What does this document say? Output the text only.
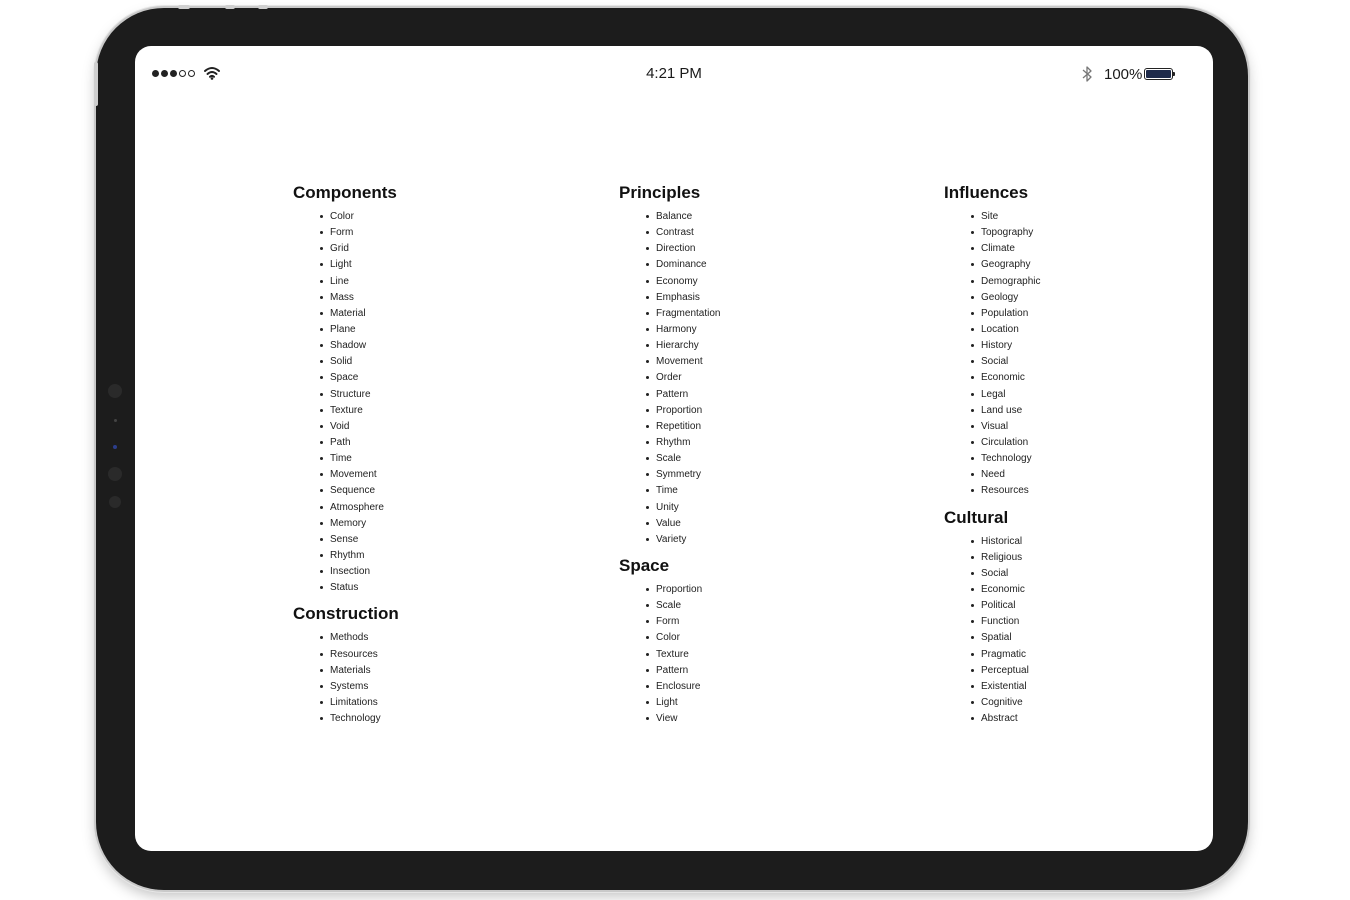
4:21 PM	100%
Components
Color
Form
Grid
Light
Line
Mass
Material
Plane
Shadow
Solid
Space
Structure
Texture
Void
Path
Time
Movement
Sequence
Atmosphere
Memory
Sense
Rhythm
Insection
Status
Construction
Methods
Resources
Materials
Systems
Limitations
Technology
Principles
Balance
Contrast
Direction
Dominance
Economy
Emphasis
Fragmentation
Harmony
Hierarchy
Movement
Order
Pattern
Proportion
Repetition
Rhythm
Scale
Symmetry
Time
Unity
Value
Variety
Space
Proportion
Scale
Form
Color
Texture
Pattern
Enclosure
Light
View
Influences
Site
Topography
Climate
Geography
Demographic
Geology
Population
Location
History
Social
Economic
Legal
Land use
Visual
Circulation
Technology
Need
Resources
Cultural
Historical
Religious
Social
Economic
Political
Function
Spatial
Pragmatic
Perceptual
Existential
Cognitive
Abstract
